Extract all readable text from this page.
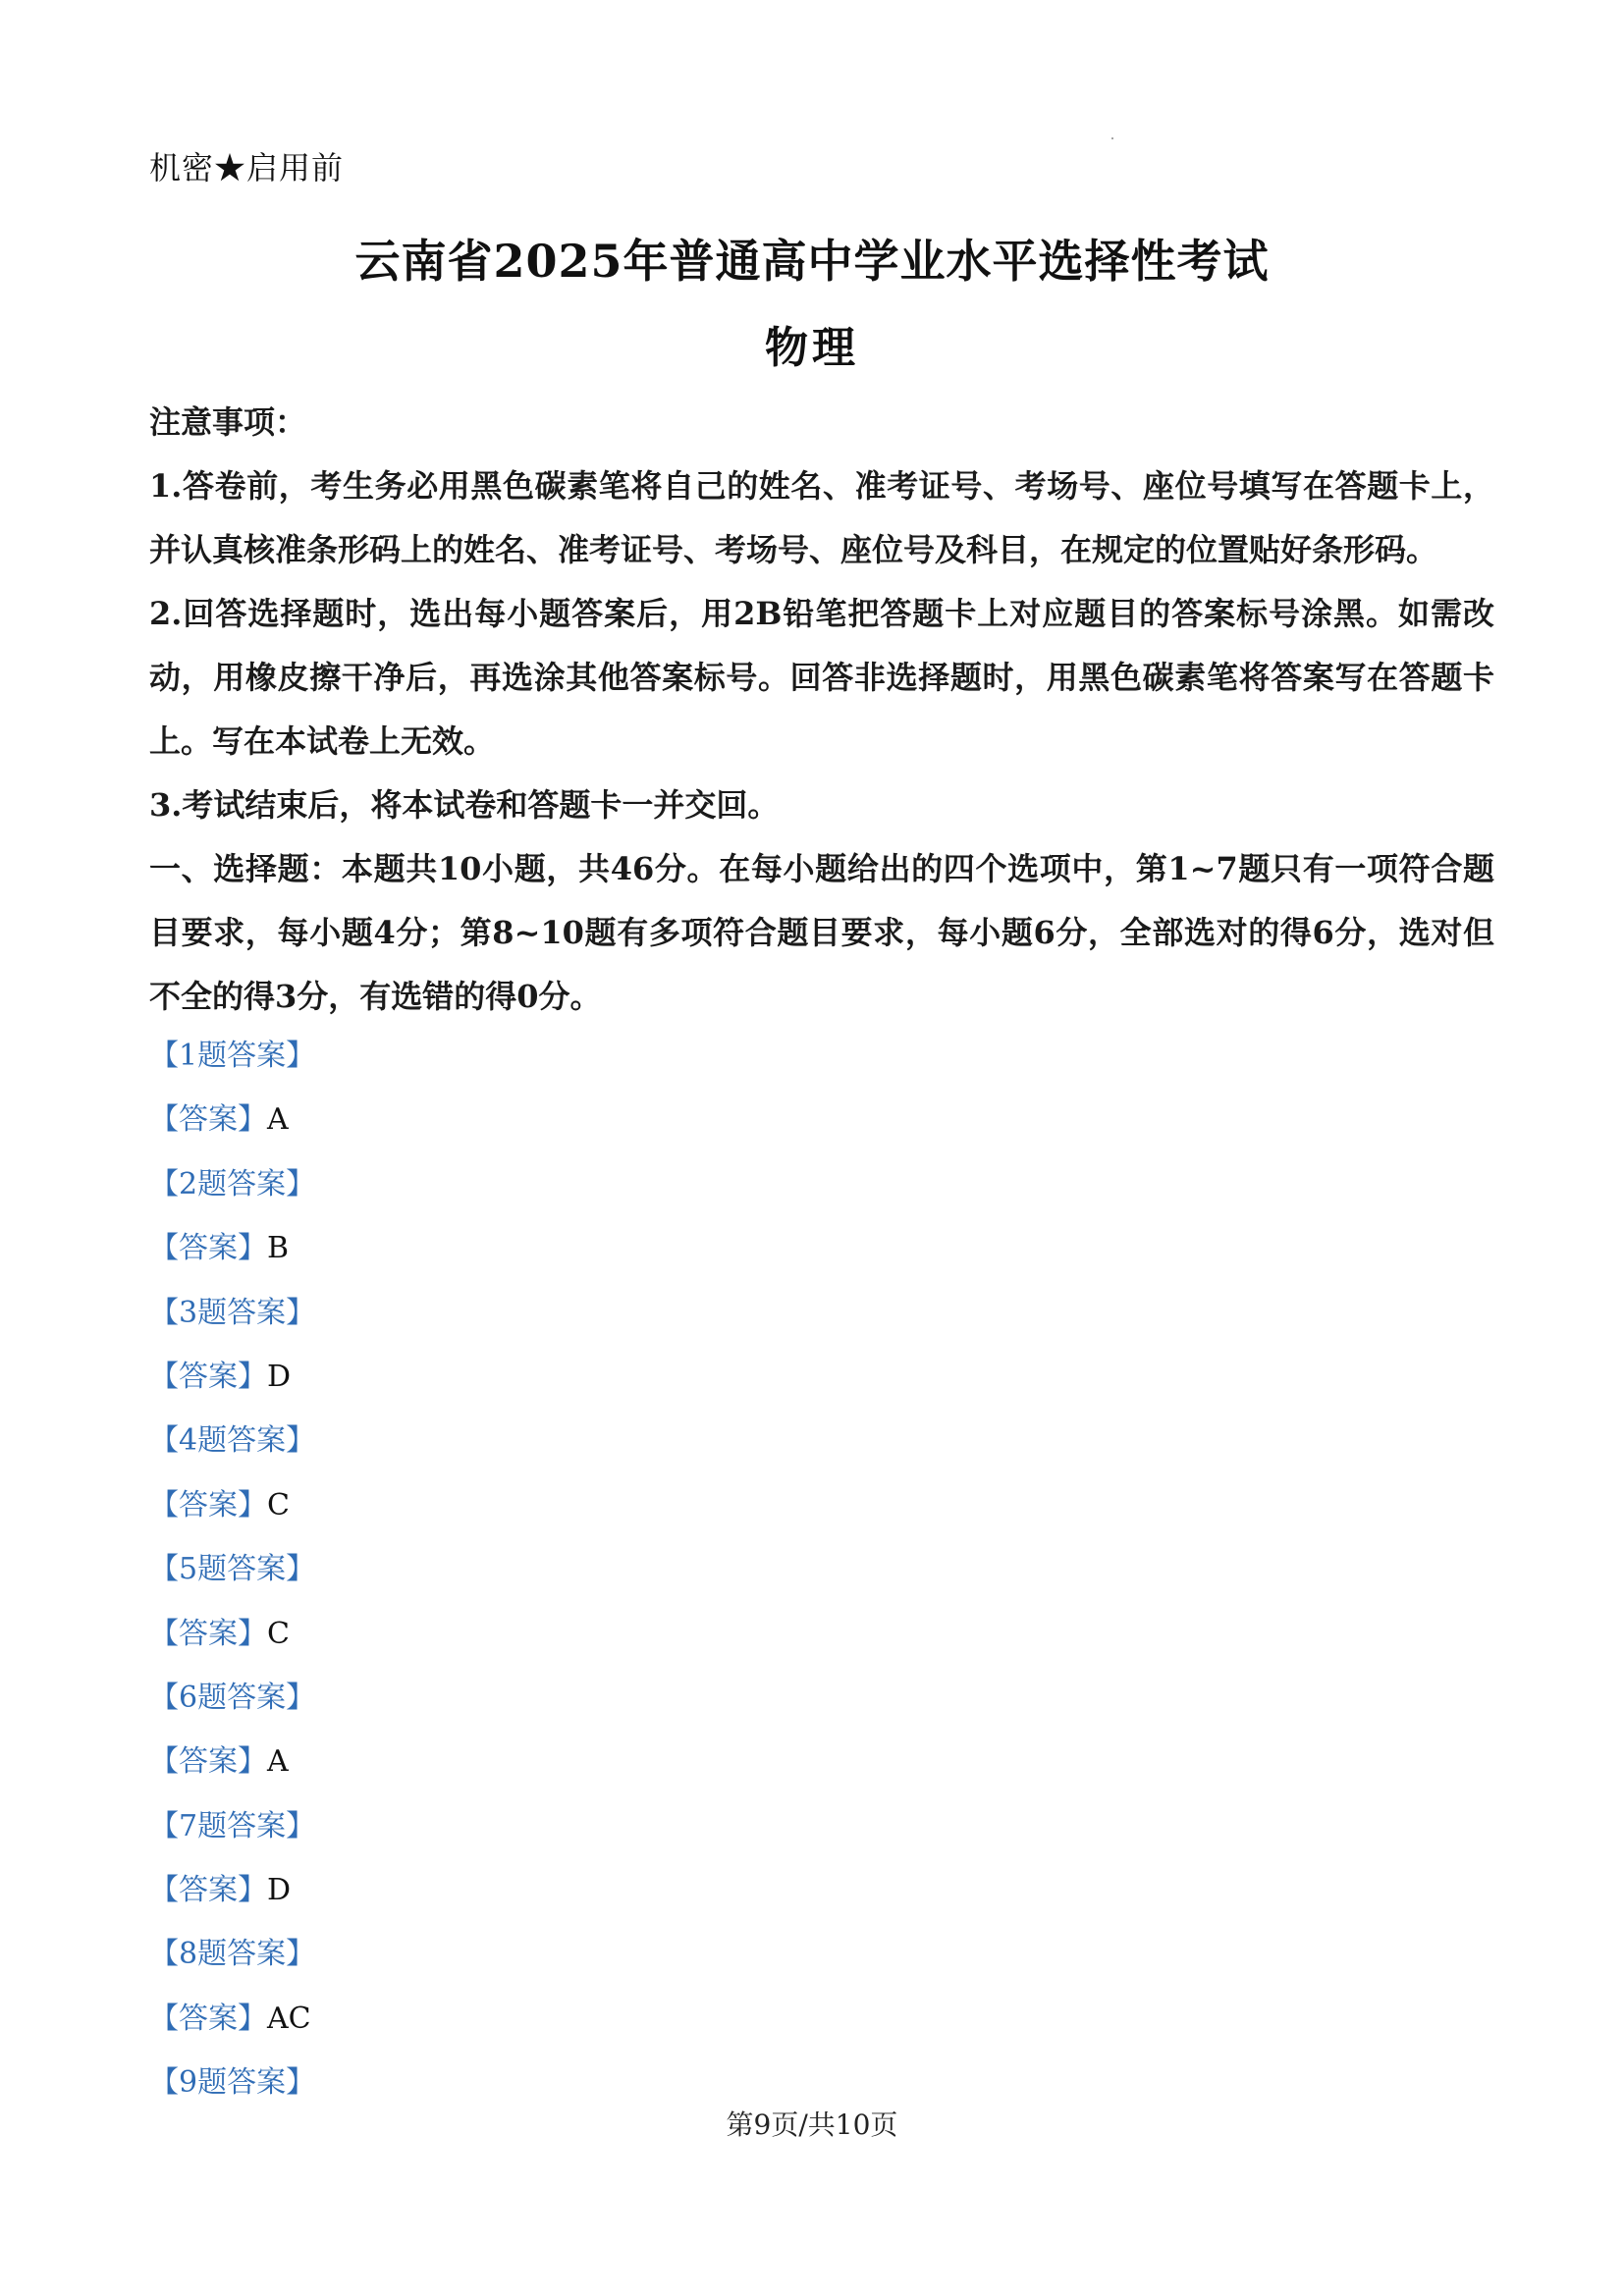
机密★启用前
云南省2025年普通高中学业水平选择性考试
物理

注意事项：

1.答卷前，考生务必用黑色碳素笔将自己的姓名、准考证号、考场号、座位号填写在答题卡上，并认真核准条形码上的姓名、准考证号、考场号、座位号及科目，在规定的位置贴好条形码。

2.回答选择题时，选出每小题答案后，用2B铅笔把答题卡上对应题目的答案标号涂黑。如需改动，用橡皮擦干净后，再选涂其他答案标号。回答非选择题时，用黑色碳素笔将答案写在答题卡上。写在本试卷上无效。

3.考试结束后，将本试卷和答题卡一并交回。

一、选择题：本题共10小题，共46分。在每小题给出的四个选项中，第1~7题只有一项符合题目要求，每小题4分；第8~10题有多项符合题目要求，每小题6分，全部选对的得6分，选对但不全的得3分，有选错的得0分。

【1题答案】
【答案】A
【2题答案】
【答案】B
【3题答案】
【答案】D
【4题答案】
【答案】C
【5题答案】
【答案】C
【6题答案】
【答案】A
【7题答案】
【答案】D
【8题答案】
【答案】AC
【9题答案】
第9页/共10页
